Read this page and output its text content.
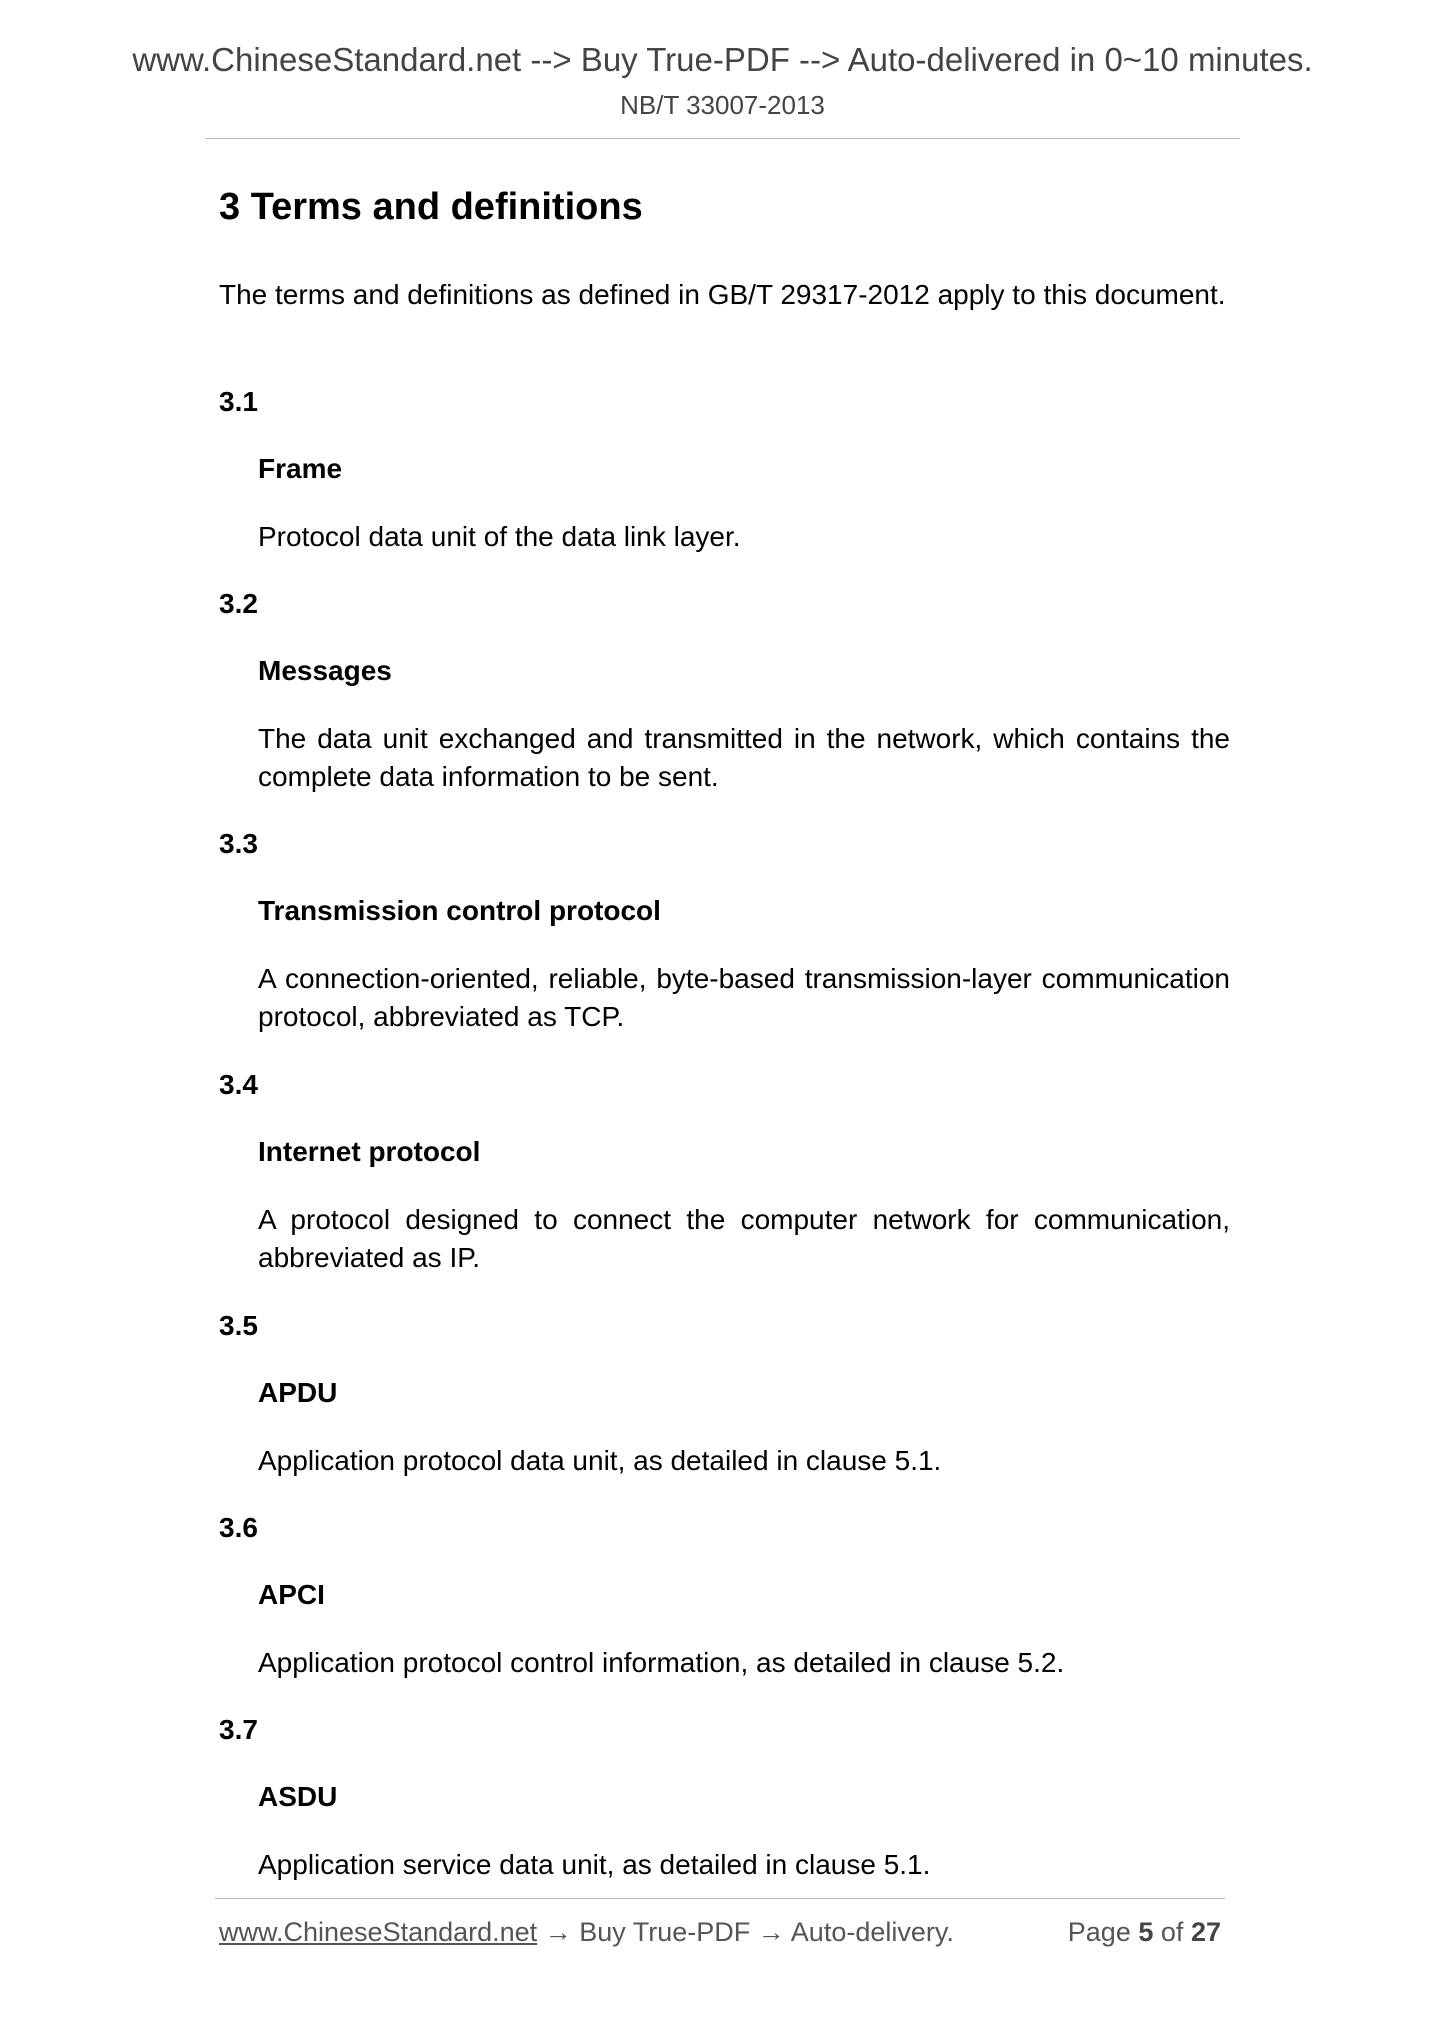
www.ChineseStandard.net --> Buy True-PDF --> Auto-delivered in 0~10 minutes.
NB/T 33007-2013
3 Terms and definitions

The terms and definitions as defined in GB/T 29317-2012 apply to this document.

3.1
Frame

Protocol data unit of the data link layer.

3.2
Messages

The data unit exchanged and transmitted in the network, which contains the complete data information to be sent.

3.3
Transmission control protocol

A connection-oriented, reliable, byte-based transmission-layer communication protocol, abbreviated as TCP.

3.4
Internet protocol

A protocol designed to connect the computer network for communication, abbreviated as IP.

3.5
APDU

Application protocol data unit, as detailed in clause 5.1.

3.6
APCI

Application protocol control information, as detailed in clause 5.2.

3.7
ASDU

Application service data unit, as detailed in clause 5.1.

www.ChineseStandard.net → Buy True-PDF → Auto-delivery.	Page 5 of 27
